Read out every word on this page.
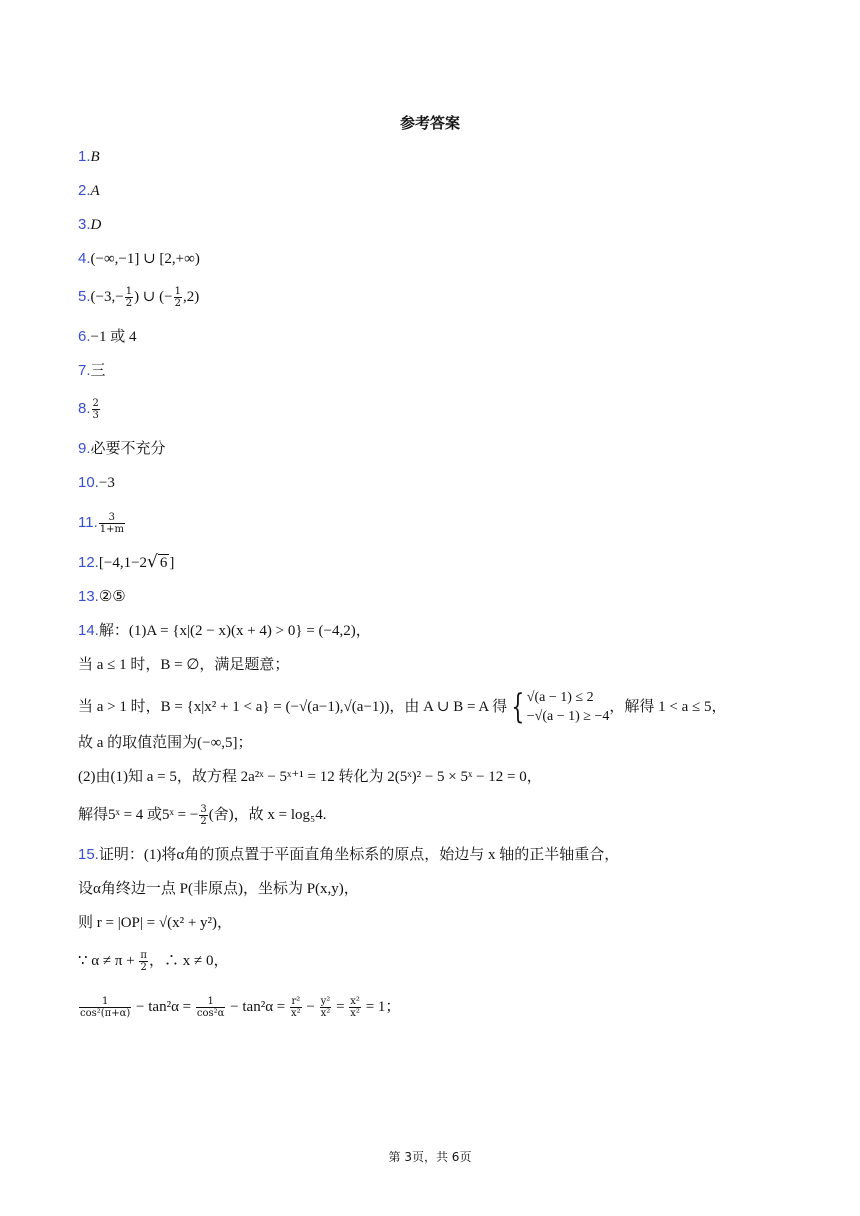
参考答案
1.B
2.A
3.D
4.(−∞,−1] ∪ [2,+∞)
$5.(-3,- \frac{1}{2}$ ) ∪ (− $\frac{1}{2} ,2$)
6.−1 或 4
7.三
8. $\frac{2}{3}$
9.必要不充分
10.−3
11. $\frac{3}{1+m}$
12.[−4,1−2√ 6 ]
13.②⑤
14.解：(1)A = {x|(2 − x)(x + 4) > 0} = (−4,2)，
当 a ≤ 1 时，B = ∅，满足题意；
当 a > 1 时，B = {x|x² + 1 < a} = (−√(a−1),√(a−1))，由 A ∪ B = A 得 { √(a − 1) ≤ 2
−√(a − 1) ≥ −4
，解得 1 < a ≤ 5，
故 a 的取值范围为(−∞,5]；
(2)由(1)知 a = 5，故方程 2a²ˣ − 5ˣ⁺¹ = 12 转化为 2(5ˣ)² − 5 × 5ˣ − 12 = 0，
解得5ˣ = 4 或5ˣ = − $\frac{3}{2}$ (舍)，故 x = log₅4.
15.证明：(1)将α角的顶点置于平面直角坐标系的原点，始边与 x 轴的正半轴重合，
设α角终边一点 P(非原点)，坐标为 P(x,y)，
则 r = |OP| = √(x² + y²)，
∵ $\alpha \ne \pi + \frac{\pi}{2}$ ，∴ x ≠ 0，
$\frac{1}{\text{cos²(π+α)}} - \tan^2\alpha = \frac{1}{\text{cos²α}} - \tan^2\alpha = \frac{\text{r²}}{\text{x²}} - \frac{\text{y²}}{\text{x²}} = \frac{\text{x²}}{\text{x²}} = 1$；
第 3页，共 6页
